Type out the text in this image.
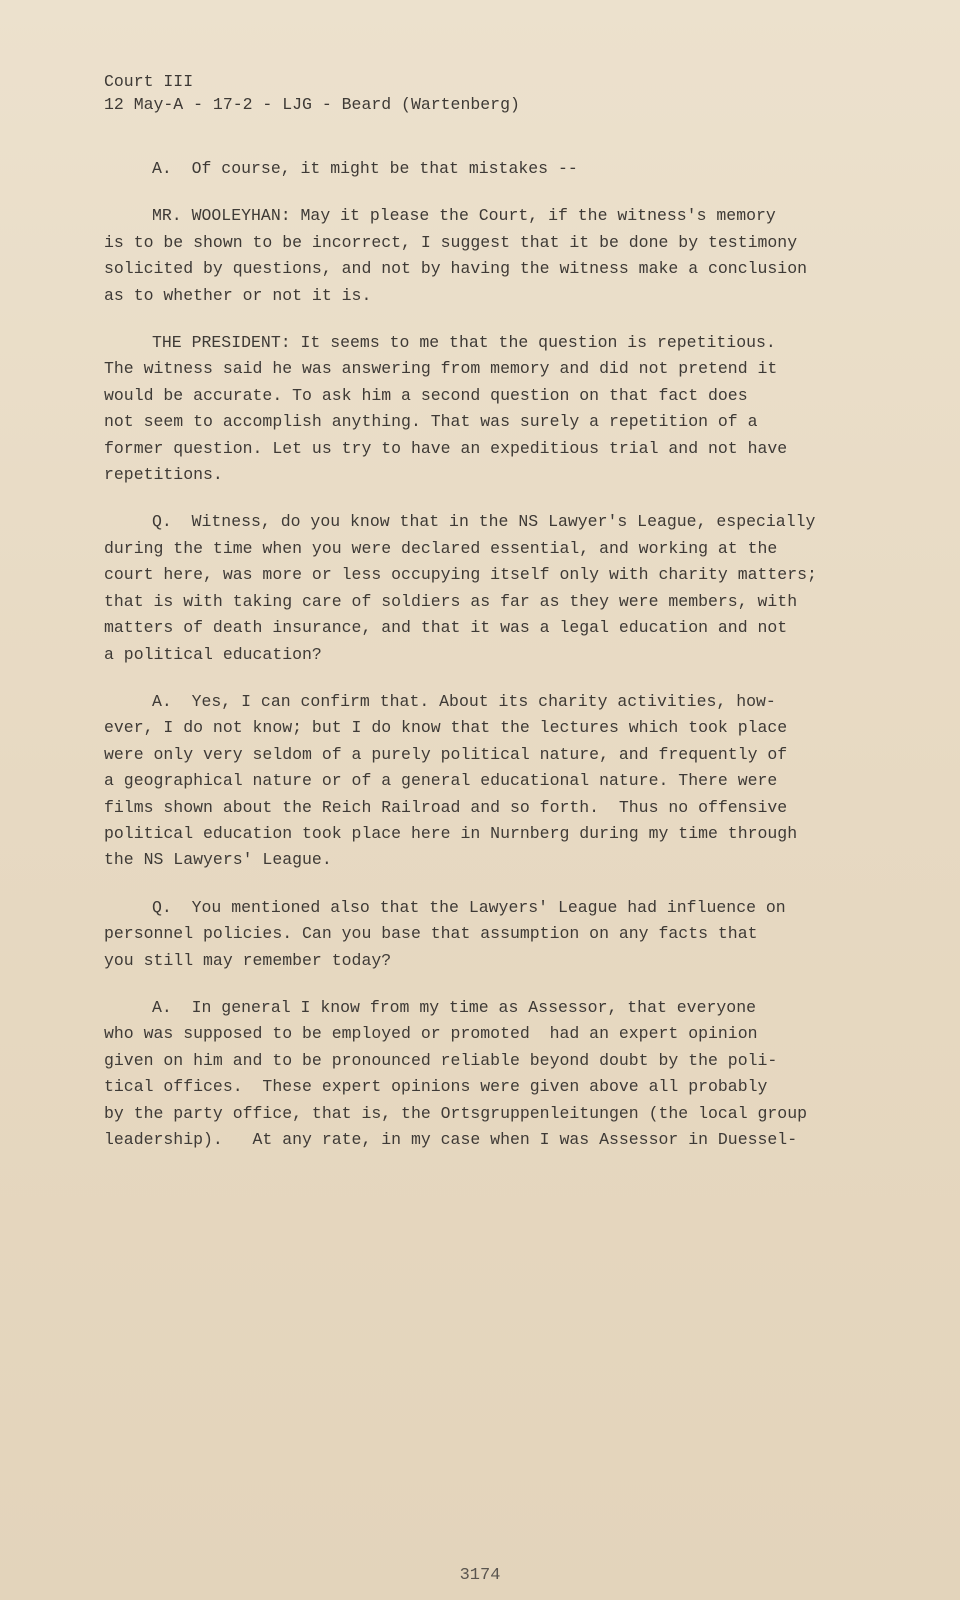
Court III
12 May-A - 17-2 - LJG - Beard (Wartenberg)

A.  Of course, it might be that mistakes --

MR. WOOLEYHAN: May it please the Court, if the witness's memory
is to be shown to be incorrect, I suggest that it be done by testimony
solicited by questions, and not by having the witness make a conclusion
as to whether or not it is.

THE PRESIDENT: It seems to me that the question is repetitious.
The witness said he was answering from memory and did not pretend it
would be accurate. To ask him a second question on that fact does
not seem to accomplish anything. That was surely a repetition of a
former question. Let us try to have an expeditious trial and not have
repetitions.

Q.  Witness, do you know that in the NS Lawyer's League, especially
during the time when you were declared essential, and working at the
court here, was more or less occupying itself only with charity matters;
that is with taking care of soldiers as far as they were members, with
matters of death insurance, and that it was a legal education and not
a political education?

A.  Yes, I can confirm that. About its charity activities, how-
ever, I do not know; but I do know that the lectures which took place
were only very seldom of a purely political nature, and frequently of
a geographical nature or of a general educational nature. There were
films shown about the Reich Railroad and so forth.  Thus no offensive
political education took place here in Nurnberg during my time through
the NS Lawyers' League.

Q.  You mentioned also that the Lawyers' League had influence on
personnel policies. Can you base that assumption on any facts that
you still may remember today?

A.  In general I know from my time as Assessor, that everyone
who was supposed to be employed or promoted  had an expert opinion
given on him and to be pronounced reliable beyond doubt by the poli-
tical offices.  These expert opinions were given above all probably
by the party office, that is, the Ortsgruppenleitungen (the local group
leadership).   At any rate, in my case when I was Assessor in Duessel-

3174
